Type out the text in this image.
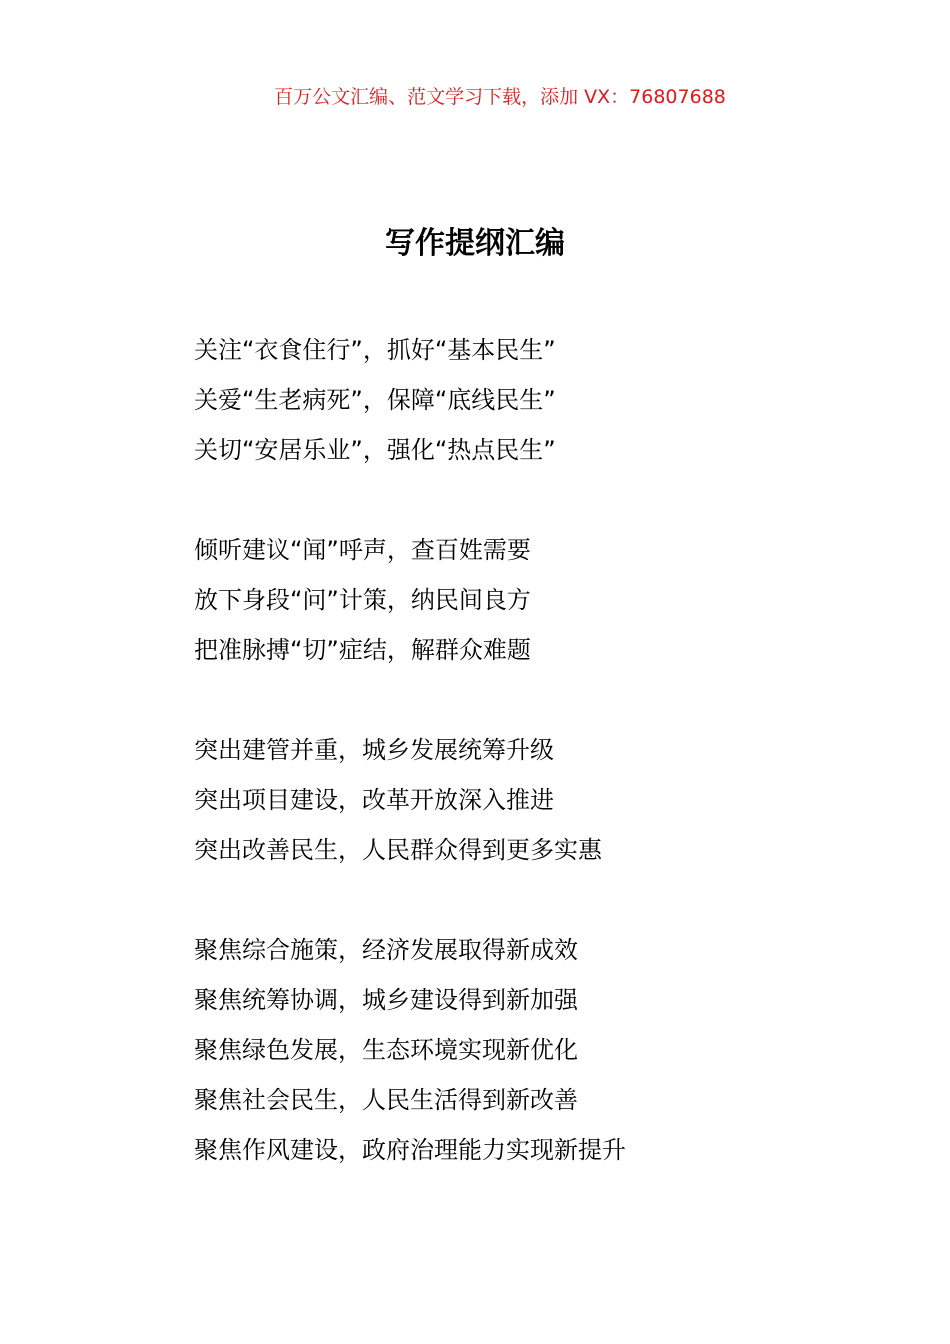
百万公文汇编、范文学习下载，添加 VX：76807688
写作提纲汇编
关注“衣食住行”，抓好“基本民生”
关爱“生老病死”，保障“底线民生”
关切“安居乐业”，强化“热点民生”
倾听建议“闻”呼声，查百姓需要
放下身段“问”计策，纳民间良方
把准脉搏“切”症结，解群众难题
突出建管并重，城乡发展统筹升级
突出项目建设，改革开放深入推进
突出改善民生，人民群众得到更多实惠
聚焦综合施策，经济发展取得新成效
聚焦统筹协调，城乡建设得到新加强
聚焦绿色发展，生态环境实现新优化
聚焦社会民生，人民生活得到新改善
聚焦作风建设，政府治理能力实现新提升
